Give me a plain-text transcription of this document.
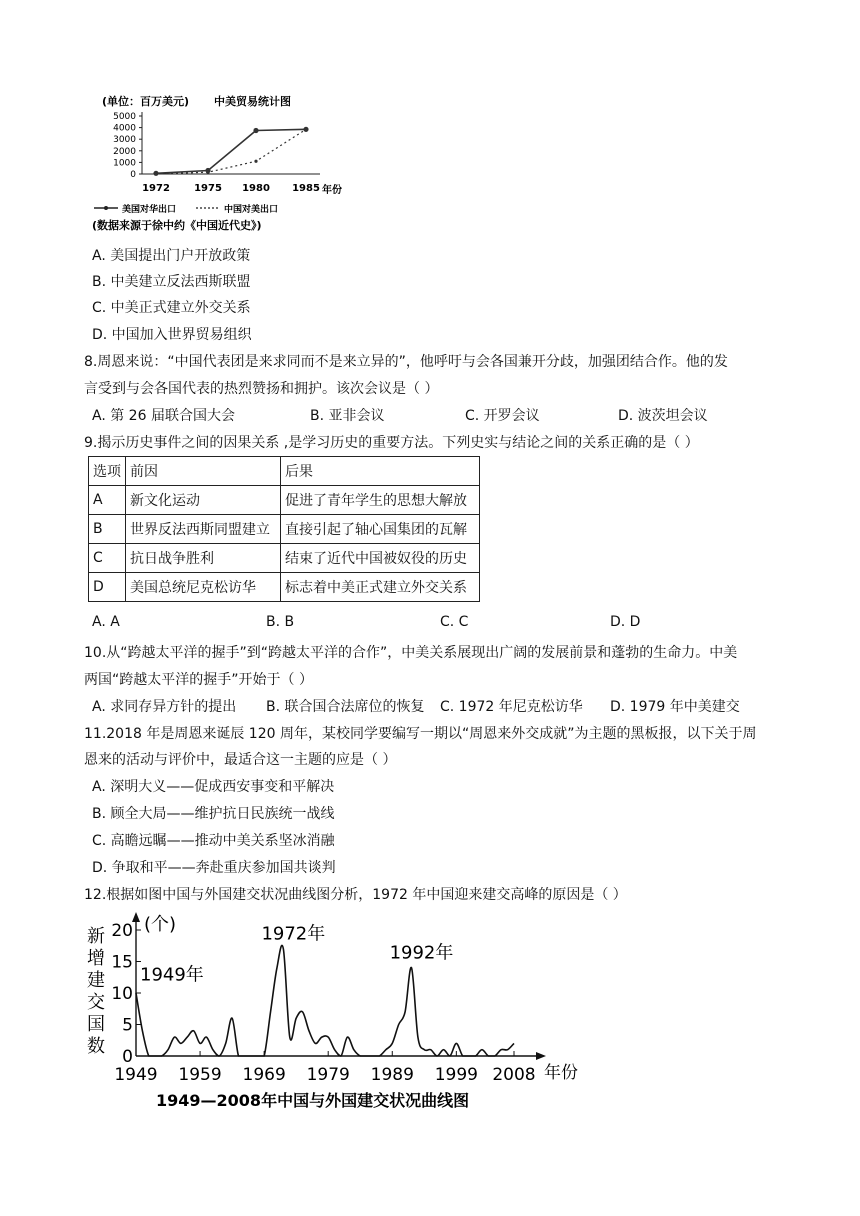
(单位：百万美元) 中美贸易统计图
5000
4000
3000
2000
1000
0
1972 1975 1980 1985 年份
美国对华出口	中国对美出口
(数据来源于徐中约《中国近代史》)
A. 美国提出门户开放政策
B. 中美建立反法西斯联盟
C. 中美正式建立外交关系
D. 中国加入世界贸易组织
8.周恩来说：“中国代表团是来求同而不是来立异的”，他呼吁与会各国兼开分歧，加强团结合作。他的发
言受到与会各国代表的热烈赞扬和拥护。该次会议是（ ）
A. 第 26 届联合国大会	B. 亚非会议	C. 开罗会议	D. 波茨坦会议
9.揭示历史事件之间的因果关系 ,是学习历史的重要方法。下列史实与结论之间的关系正确的是（ ）
选项	前因	后果
A	新文化运动	促进了青年学生的思想大解放
B	世界反法西斯同盟建立	直接引起了轴心国集团的瓦解
C	抗日战争胜利	结束了近代中国被奴役的历史
D	美国总统尼克松访华	标志着中美正式建立外交关系
A. A	B. B	C. C	D. D
10.从“跨越太平洋的握手”到“跨越太平洋的合作”，中美关系展现出广阔的发展前景和蓬勃的生命力。中美
两国“跨越太平洋的握手”开始于（ ）
A. 求同存异方针的提出 B. 联合国合法席位的恢复 C. 1972 年尼克松访华 D. 1979 年中美建交
11.2018 年是周恩来诞辰 120 周年，某校同学要编写一期以“周恩来外交成就”为主题的黑板报，以下关于周
恩来的活动与评价中，最适合这一主题的应是（ ）
A. 深明大义——促成西安事变和平解决
B. 顾全大局——维护抗日民族统一战线
C. 高瞻远瞩——推动中美关系坚冰消融
D. 争取和平——奔赴重庆参加国共谈判
12.根据如图中国与外国建交状况曲线图分析，1972 年中国迎来建交高峰的原因是（ ）
新
增
建
交
国
数
(个)
20
15
10
5
0
1949 1959 1969 1979 1989 1999 2008 年份
1949年
1972年
1992年
1949—2008年中国与外国建交状况曲线图
